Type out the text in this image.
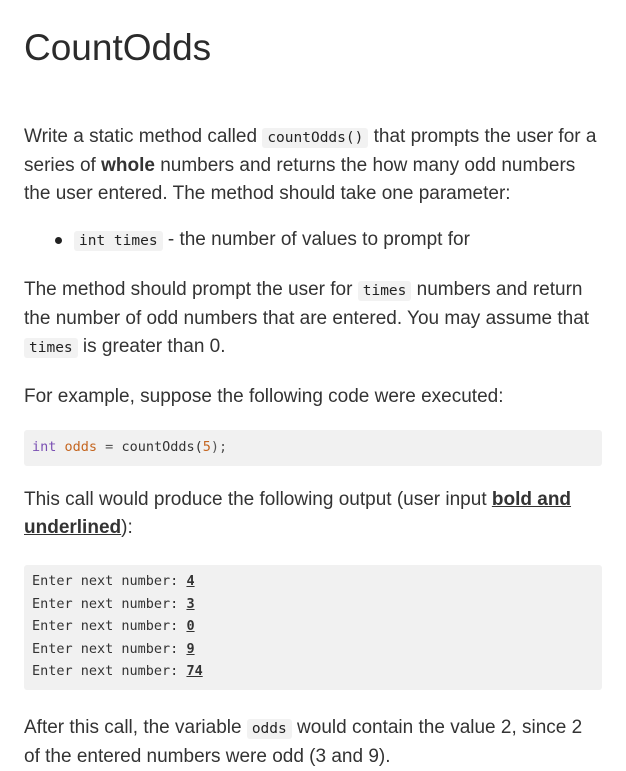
CountOdds

Write a static method called countOdds() that prompts the user for a series of whole numbers and returns the how many odd numbers the user entered. The method should take one parameter:

int times - the number of values to prompt for

The method should prompt the user for times numbers and return the number of odd numbers that are entered. You may assume that times is greater than 0.

For example, suppose the following code were executed:

int odds = countOdds(5);

This call would produce the following output (user input bold and underlined):

Enter next number: 4
Enter next number: 3
Enter next number: 0
Enter next number: 9
Enter next number: 74

After this call, the variable odds would contain the value 2, since 2 of the entered numbers were odd (3 and 9).
